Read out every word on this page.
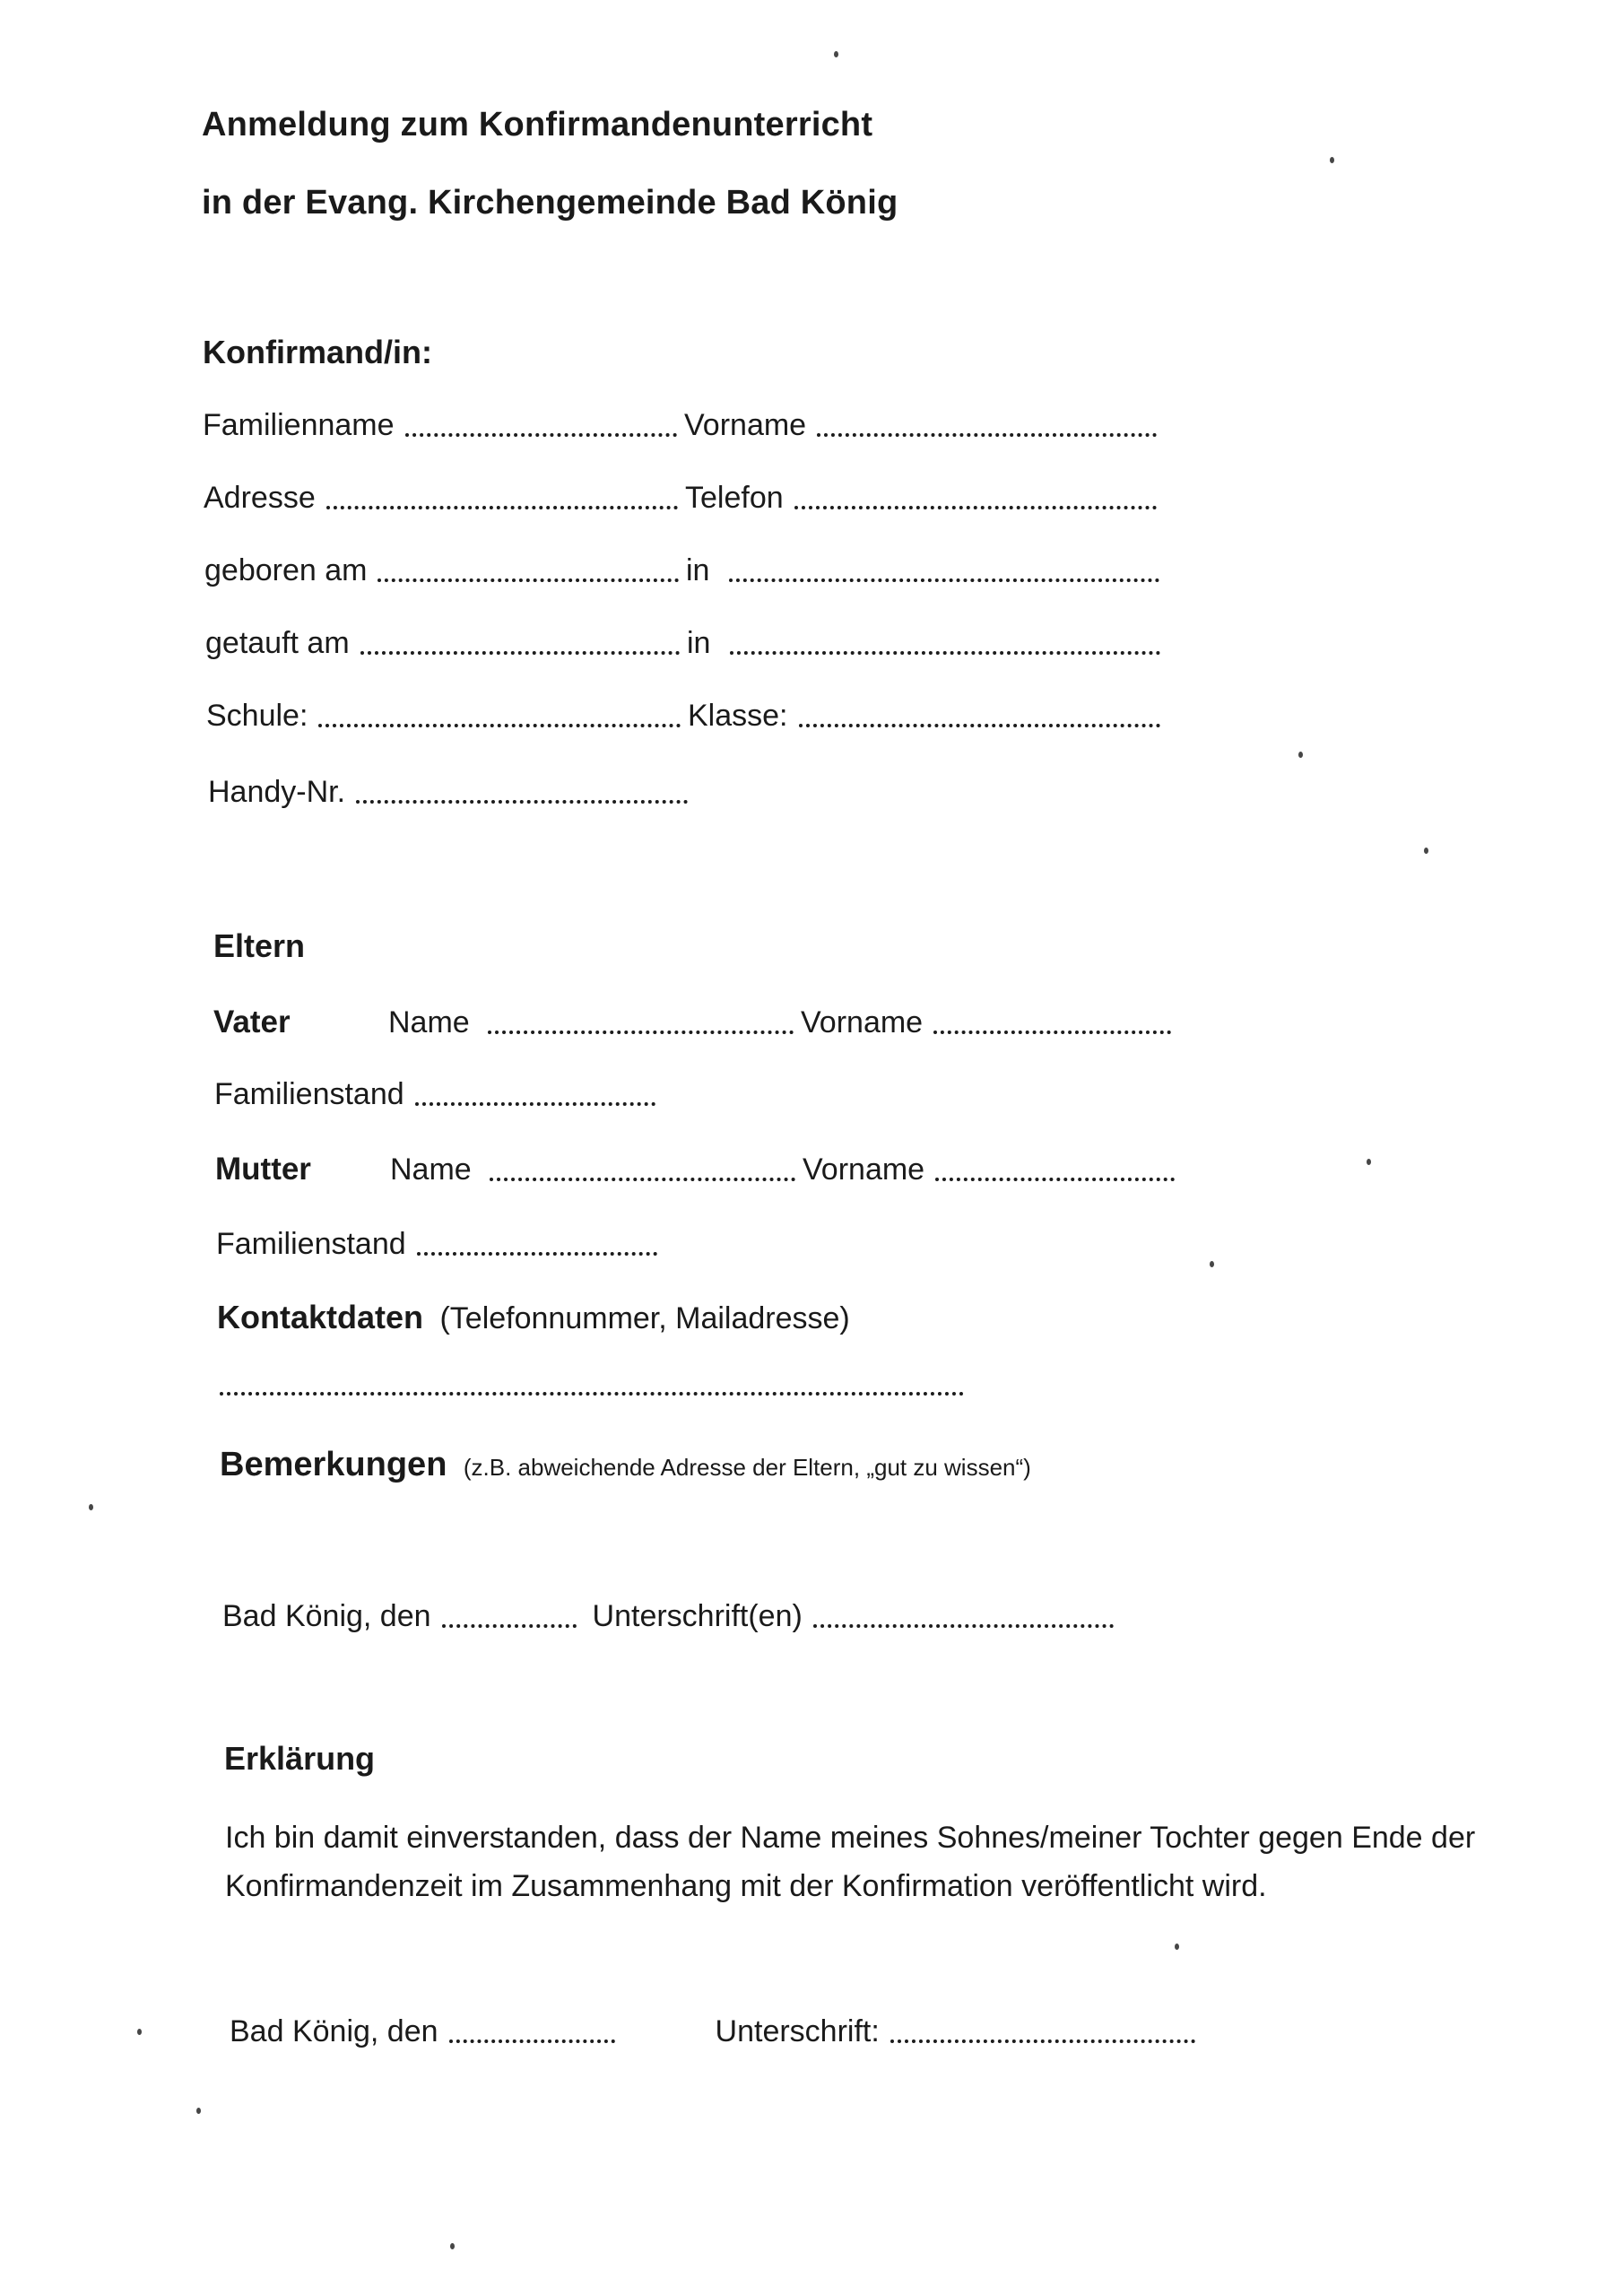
Anmeldung zum Konfirmandenunterricht
in der Evang. Kirchengemeinde Bad König
Konfirmand/in:
Familienname	Vorname
Adresse	Telefon
geboren am	in
getauft am	in
Schule:	Klasse:
Handy-Nr.
Eltern
Vater	Name	Vorname
Familienstand
Mutter	Name	Vorname
Familienstand
Kontaktdaten (Telefonnummer, Mailadresse)
Bemerkungen (z.B. abweichende Adresse der Eltern, „gut zu wissen“)
Bad König, den	Unterschrift(en)
Erklärung
Ich bin damit einverstanden, dass der Name meines Sohnes/meiner Tochter gegen Ende der
Konfirmandenzeit im Zusammenhang mit der Konfirmation veröffentlicht wird.
Bad König, den	Unterschrift:
